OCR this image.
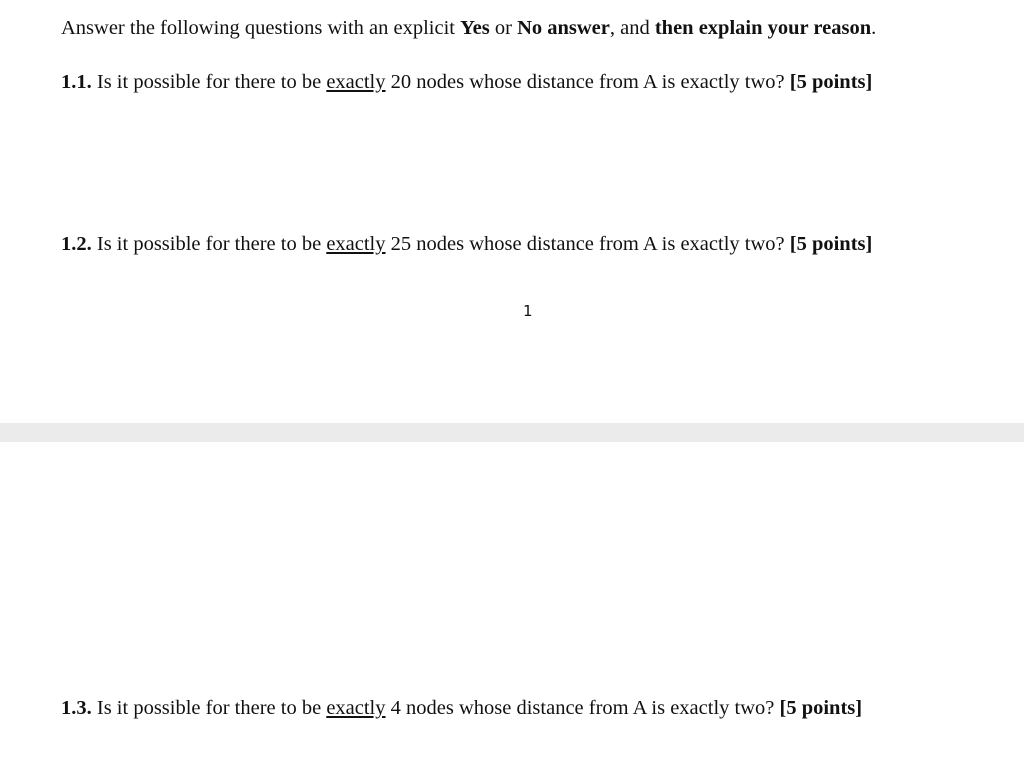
Answer the following questions with an explicit Yes or No answer, and then explain your reason.
1.1. Is it possible for there to be exactly 20 nodes whose distance from A is exactly two? [5 points]
1.2. Is it possible for there to be exactly 25 nodes whose distance from A is exactly two? [5 points]
1
1.3. Is it possible for there to be exactly 4 nodes whose distance from A is exactly two? [5 points]
